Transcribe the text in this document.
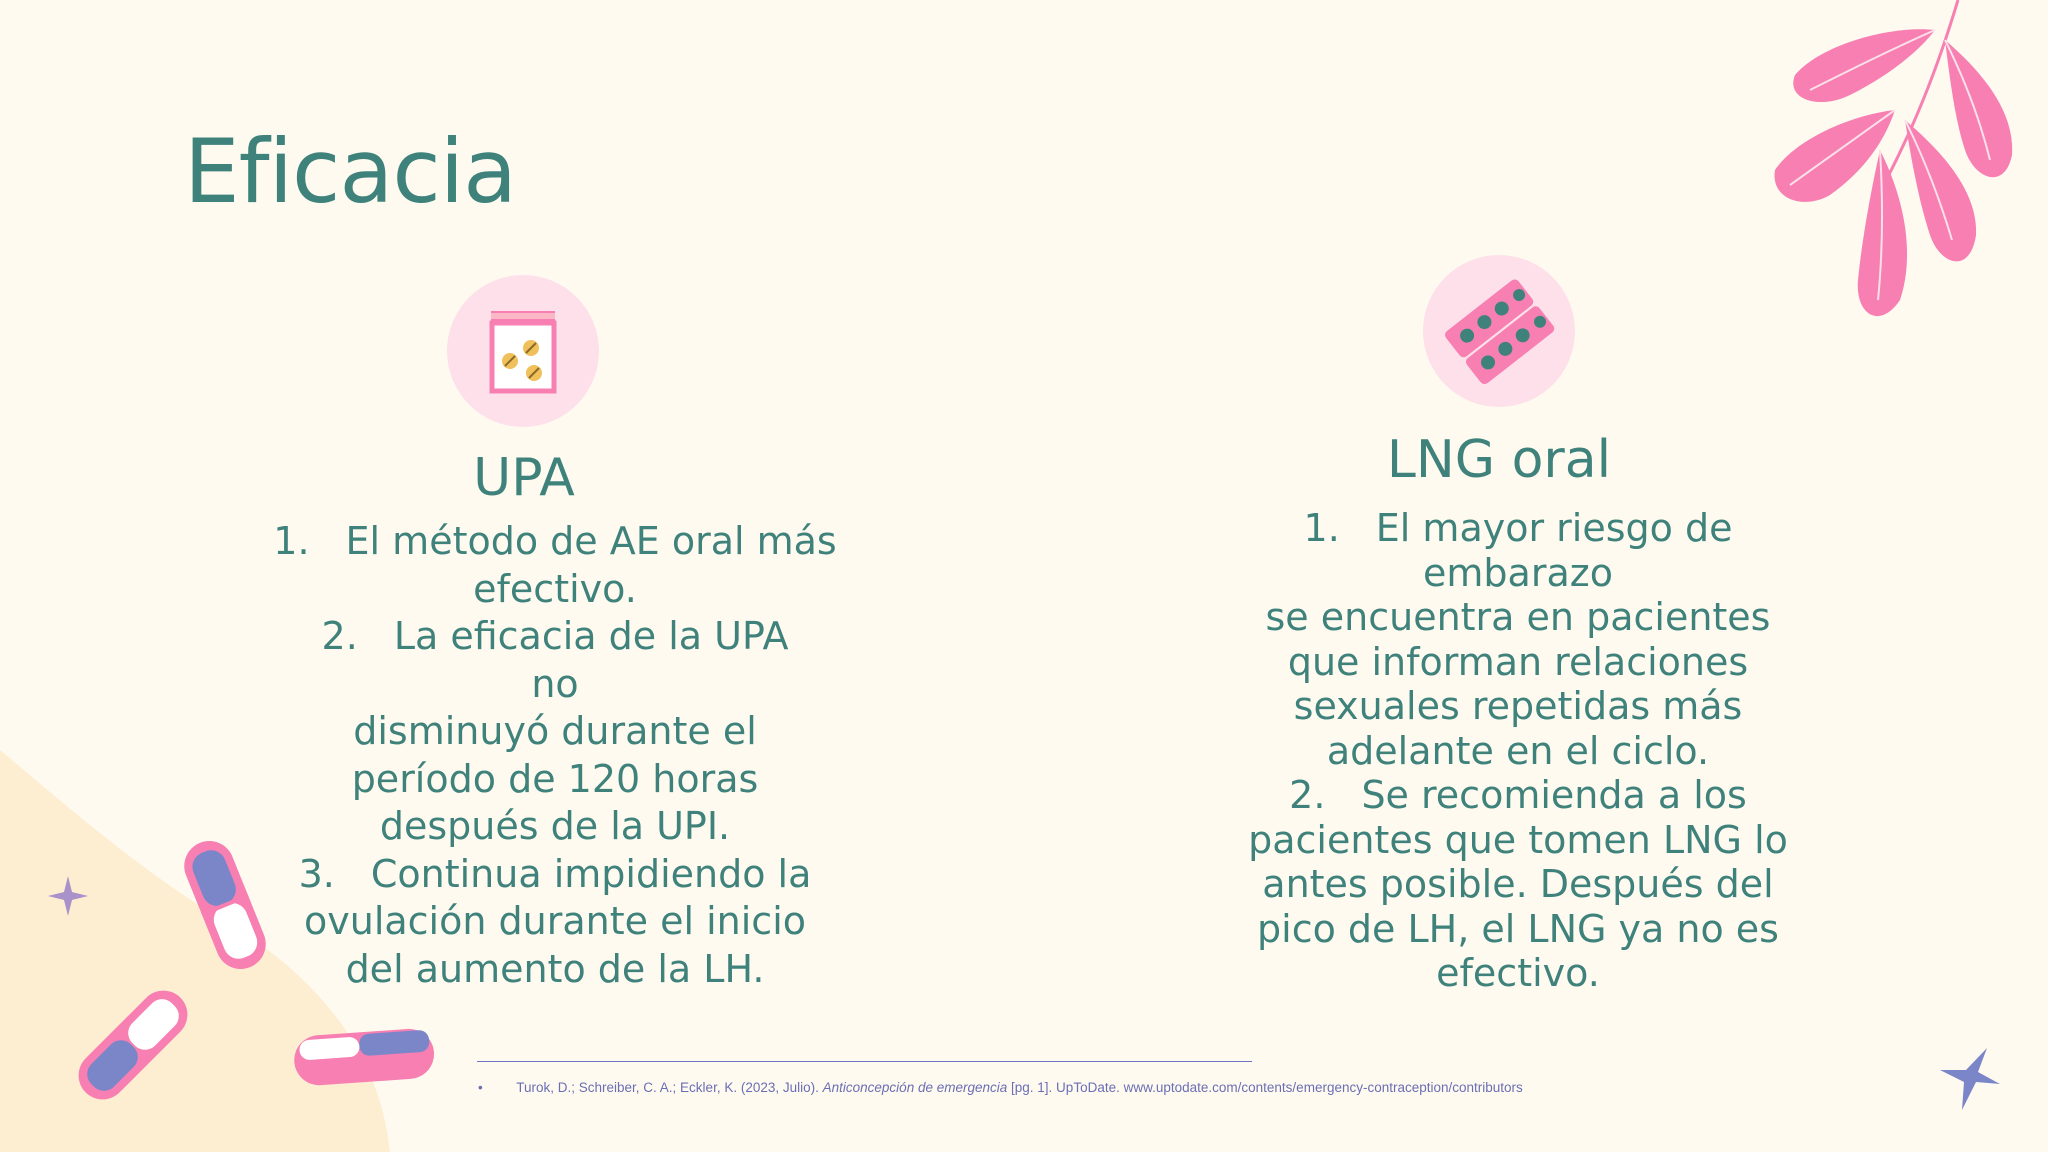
Eficacia
UPA
1. El método de AE oral más
efectivo.
2. La eficacia de la UPA no
disminuyó durante el período de 120 horas después de la UPI.
3. Continua impidiendo la
ovulación durante el inicio del aumento de la LH.
LNG oral
1. El mayor riesgo de embarazo
se encuentra en pacientes que informan relaciones sexuales repetidas más adelante en el ciclo.
2. Se recomienda a los
pacientes que tomen LNG lo antes posible. Después del pico de LH, el LNG ya no es efectivo.
• Turok, D.; Schreiber, C. A.; Eckler, K. (2023, Julio). Anticoncepción de emergencia [pg. 1]. UpToDate. www.uptodate.com/contents/emergency-contraception/contributors
